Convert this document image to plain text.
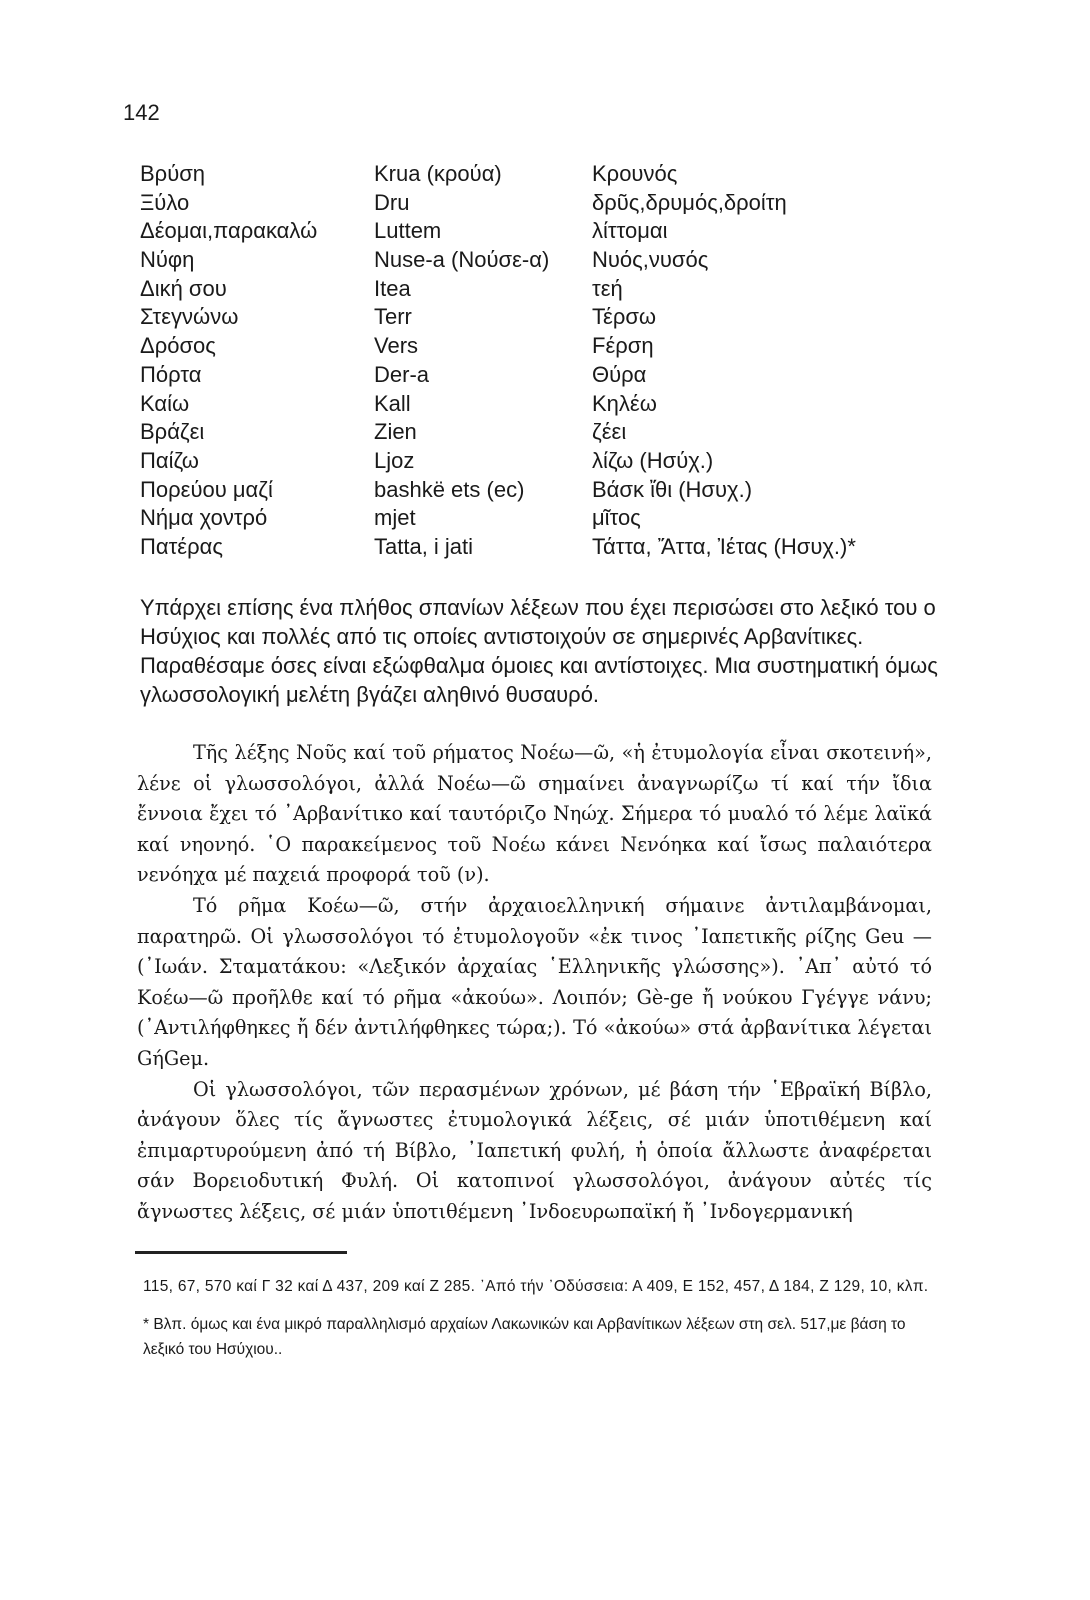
142
Βρύση	Krua (κρούα)	Κρουνός
Ξύλο	Dru	δρῦς,δρυμός,δροίτη
Δέομαι,παρακαλώ	Luttem	λίττομαι
Νύφη	Nuse-a (Νούσε-α)	Νυός,νυσός
Δική σου	Itea	τεή
Στεγνώνω	Terr	Τέρσω
Δρόσος	Vers	Fέρση
Πόρτα	Der-a	Θύρα
Καίω	Kall	Κηλέω
Βράζει	Zien	ζέει
Παίζω	Ljoz	λίζω (Ησύχ.)
Πορεύου μαζί	bashkë ets (ec)	Βάσκ ἴθι (Ησυχ.)
Νήμα χοντρό	mjet	μῖτος
Πατέρας	Tatta, i jati	Τάττα, Ἄττα, Ἰέτας (Ησυχ.)*
Υπάρχει επίσης ένα πλήθος σπανίων λέξεων που έχει περισώσει στο λεξικό του ο Ησύχιος και πολλές από τις οποίες αντιστοιχούν σε σημερινές Αρβανίτικες. Παραθέσαμε όσες είναι εξώφθαλμα όμοιες και αντίστοιχες. Μια συστηματική όμως γλωσσολογική μελέτη βγάζει αληθινό θυσαυρό.

Τῆς λέξης Νοῦς καί τοῦ ρήματος Νοέω—ῶ, «ἡ ἐτυμολογία εἶναι σκοτεινή», λένε οἱ γλωσσολόγοι, ἀλλά Νοέω—ῶ σημαίνει ἀναγνωρίζω τί καί τήν ἴδια ἔννοια ἔχει τό ᾿Αρβανίτικο καί ταυτόριζο Νηώχ. Σήμερα τό μυαλό τό λέμε λαϊκά καί νηονηό. ῾Ο παρακείμενος τοῦ Νοέω κάνει Νενόηκα καί ἴσως παλαιότερα νενόηχα μέ παχειά προφορά τοῦ (ν).

Τό ρῆμα Κοέω—ῶ, στήν ἀρχαιοελληνική σήμαινε ἀντιλαμβάνομαι, παρατηρῶ. Οἱ γλωσσολόγοι τό ἐτυμολογοῦν «ἐκ τινος ᾿Ιαπετικῆς ρίζης Geu — (᾿Ιωάν. Σταματάκου: «Λεξικόν ἀρχαίας ῾Ελληνικῆς γλώσσης»). ᾿Απ᾿ αὐτό τό Κοέω—ῶ προῆλθε καί τό ρῆμα «ἀκούω». Λοιπόν; Gè-ge ἤ νούκου Γγέγγε νάνυ; (᾿Αντιλήφθηκες ἤ δέν ἀντιλήφθηκες τώρα;). Τό «ἀκούω» στά ἀρβανίτικα λέγεται GήGeμ.

Οἱ γλωσσολόγοι, τῶν περασμένων χρόνων, μέ βάση τήν ῾Εβραϊκή Βίβλο, ἀνάγουν ὅλες τίς ἄγνωστες ἐτυμολογικά λέξεις, σέ μιάν ὑποτιθέμενη καί ἐπιμαρτυρούμενη ἀπό τή Βίβλο, ᾿Ιαπετική φυλή, ἡ ὁποία ἄλλωστε ἀναφέρεται σάν Βορειοδυτική Φυλή. Οἱ κατοπινοί γλωσσολόγοι, ἀνάγουν αὐτές τίς ἄγνωστες λέξεις, σέ μιάν ὑποτιθέμενη ᾿Ινδοευρωπαϊκή ἤ ᾿Ινδογερμανική

115, 67, 570 καί Γ 32 καί Δ 437, 209 καί Ζ 285. ᾿Από τήν ᾿Οδύσσεια: Α 409, Ε 152, 457, Δ 184, Ζ 129, 10, κλπ.

* Βλπ. όμως και ένα μικρό παραλληλισμό αρχαίων Λακωνικών και Αρβανίτικων λέξεων στη σελ. 517,με βάση το λεξικό του Ησύχιου..
